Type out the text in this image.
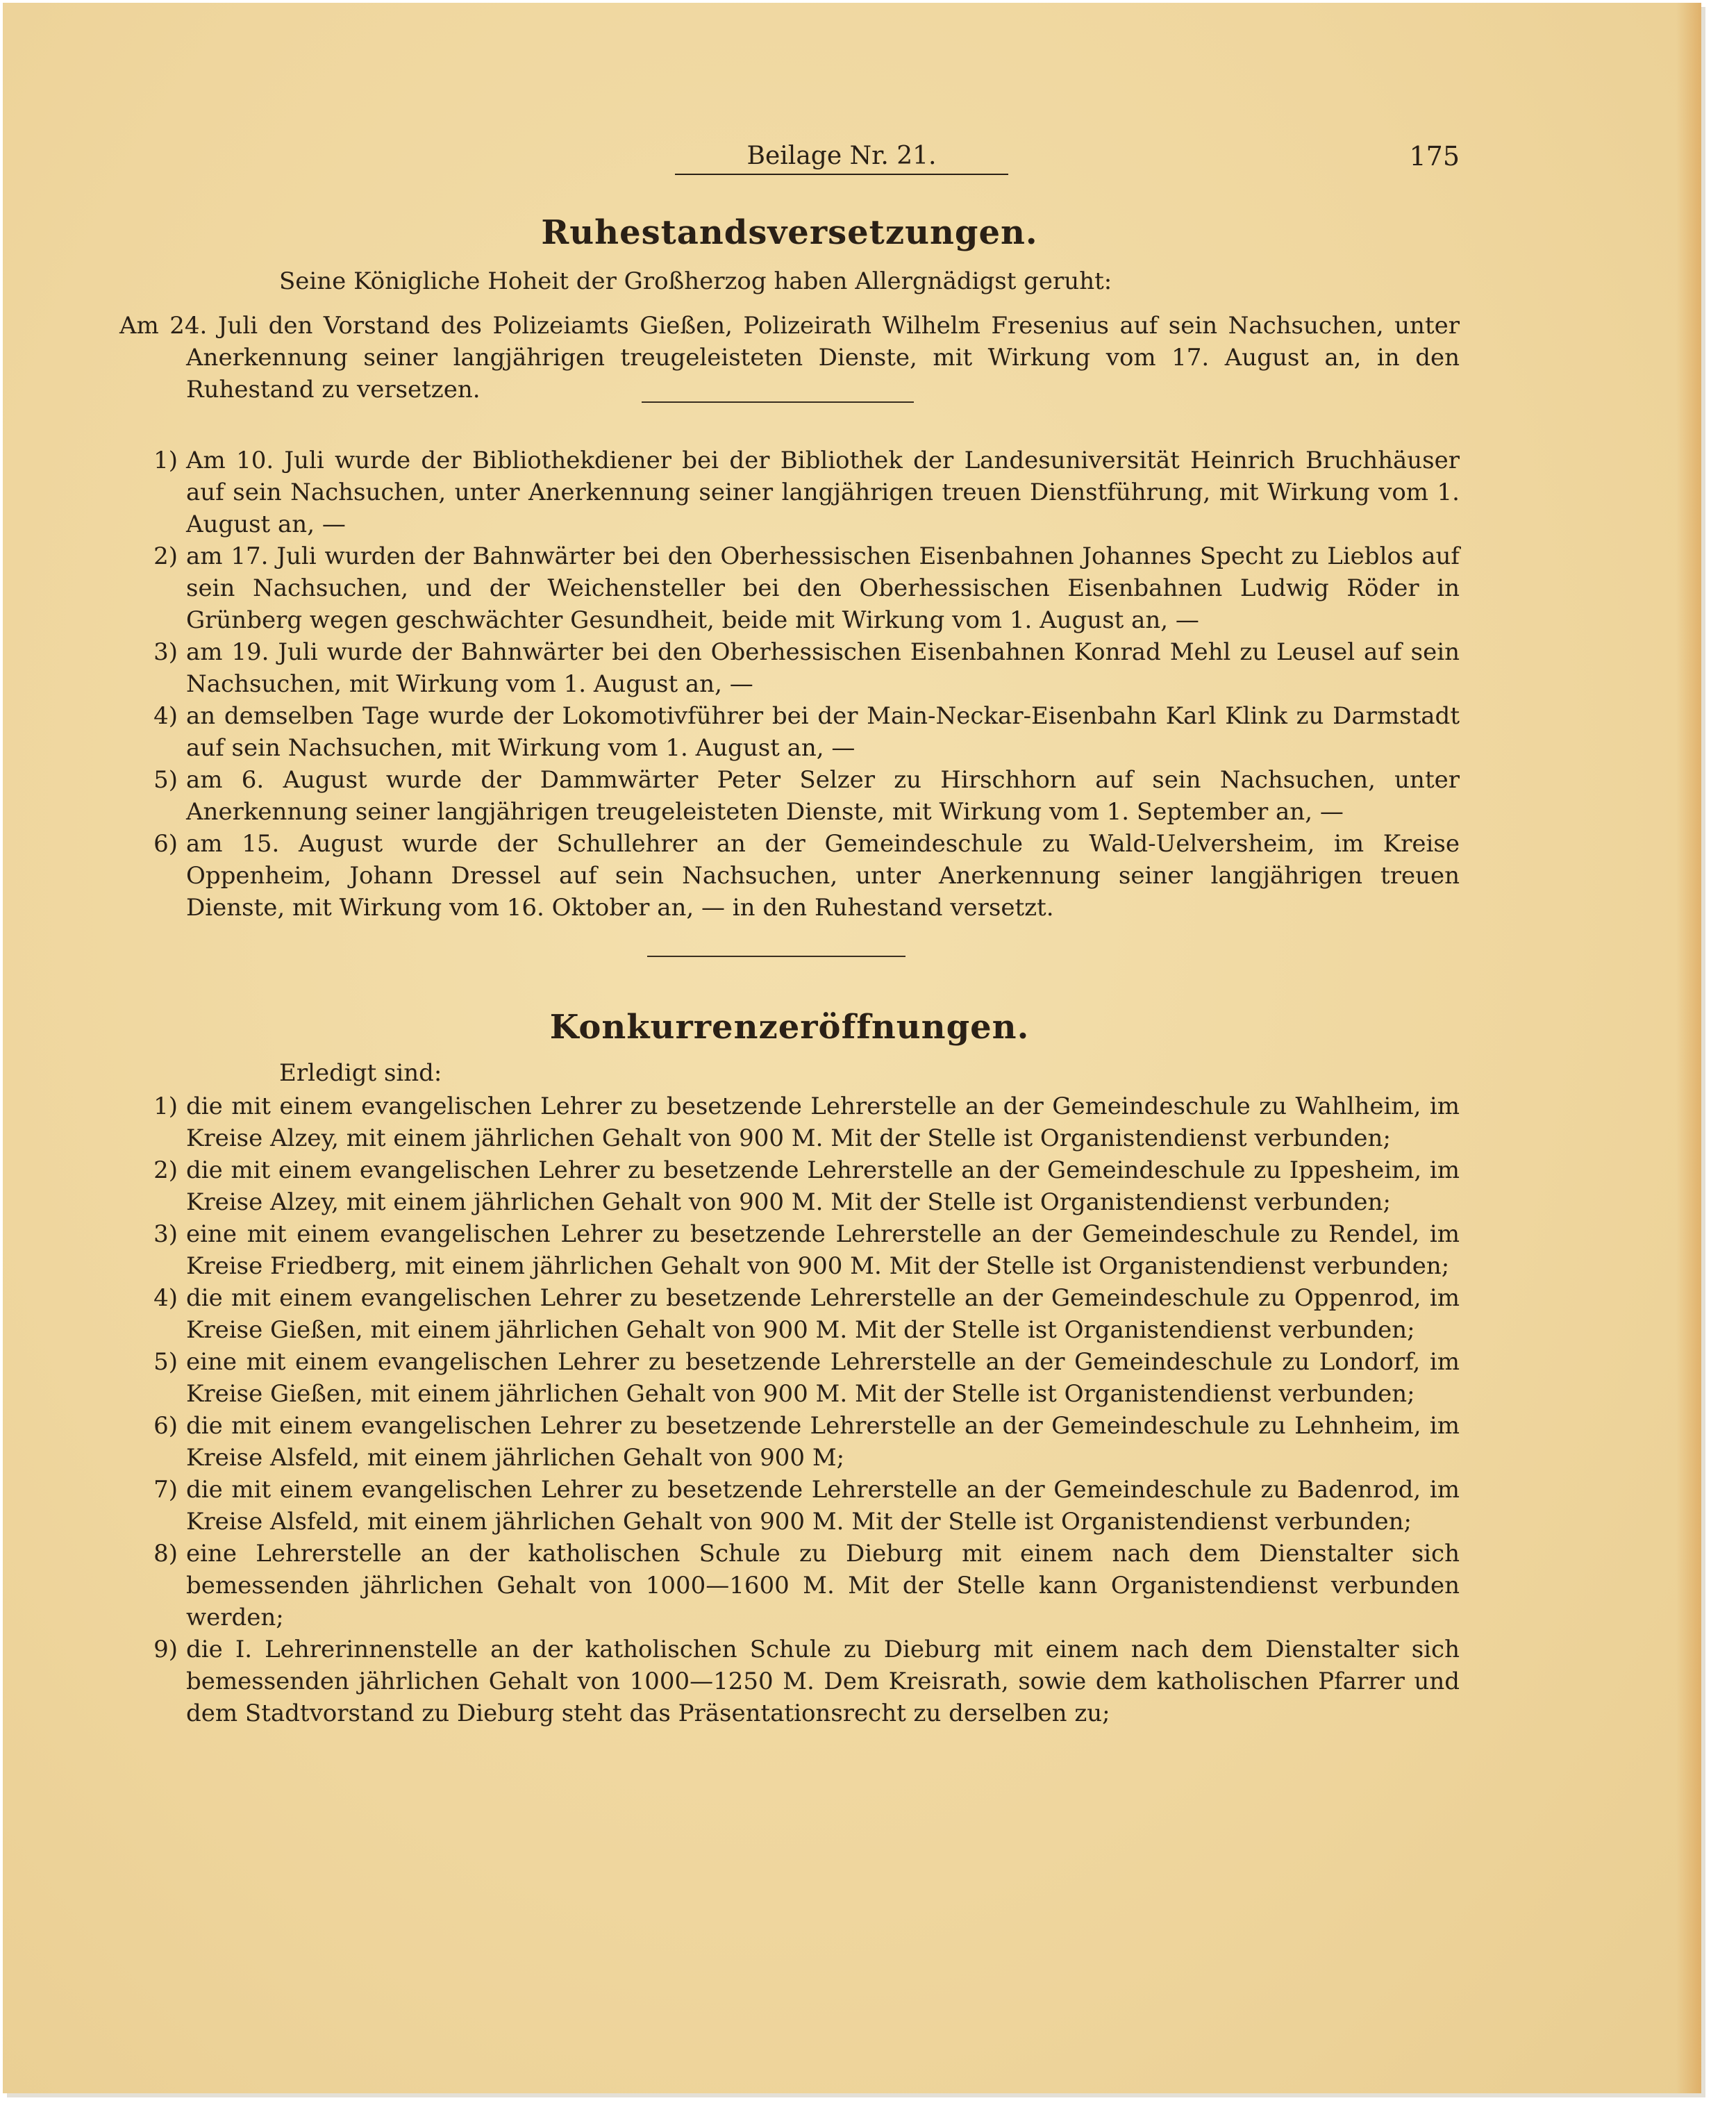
Beilage Nr. 21.	175
Ruhestandsversetzungen.
Seine Königliche Hoheit der Großherzog haben Allergnädigst geruht:
Am 24. Juli den Vorstand des Polizeiamts Gießen, Polizeirath Wilhelm Fresenius auf sein Nachsuchen, unter Anerkennung seiner langjährigen treugeleisteten Dienste, mit Wirkung vom 17. August an, in den Ruhestand zu versetzen.
1) Am 10. Juli wurde der Bibliothekdiener bei der Bibliothek der Landesuniversität Heinrich Bruchhäuser auf sein Nachsuchen, unter Anerkennung seiner langjährigen treuen Dienstführung, mit Wirkung vom 1. August an, —
2) am 17. Juli wurden der Bahnwärter bei den Oberhessischen Eisenbahnen Johannes Specht zu Lieblos auf sein Nachsuchen, und der Weichensteller bei den Oberhessischen Eisenbahnen Ludwig Röder in Grünberg wegen geschwächter Gesundheit, beide mit Wirkung vom 1. August an, —
3) am 19. Juli wurde der Bahnwärter bei den Oberhessischen Eisenbahnen Konrad Mehl zu Leusel auf sein Nachsuchen, mit Wirkung vom 1. August an, —
4) an demselben Tage wurde der Lokomotivführer bei der Main-Neckar-Eisenbahn Karl Klink zu Darmstadt auf sein Nachsuchen, mit Wirkung vom 1. August an, —
5) am 6. August wurde der Dammwärter Peter Selzer zu Hirschhorn auf sein Nachsuchen, unter Anerkennung seiner langjährigen treugeleisteten Dienste, mit Wirkung vom 1. September an, —
6) am 15. August wurde der Schullehrer an der Gemeindeschule zu Wald-Uelversheim, im Kreise Oppenheim, Johann Dressel auf sein Nachsuchen, unter Anerkennung seiner langjährigen treuen Dienste, mit Wirkung vom 16. Oktober an, — in den Ruhestand versetzt.
Konkurrenzeröffnungen.
Erledigt sind:
1) die mit einem evangelischen Lehrer zu besetzende Lehrerstelle an der Gemeindeschule zu Wahlheim, im Kreise Alzey, mit einem jährlichen Gehalt von 900 M. Mit der Stelle ist Organistendienst verbunden;
2) die mit einem evangelischen Lehrer zu besetzende Lehrerstelle an der Gemeindeschule zu Ippesheim, im Kreise Alzey, mit einem jährlichen Gehalt von 900 M. Mit der Stelle ist Organistendienst verbunden;
3) eine mit einem evangelischen Lehrer zu besetzende Lehrerstelle an der Gemeindeschule zu Rendel, im Kreise Friedberg, mit einem jährlichen Gehalt von 900 M. Mit der Stelle ist Organistendienst verbunden;
4) die mit einem evangelischen Lehrer zu besetzende Lehrerstelle an der Gemeindeschule zu Oppenrod, im Kreise Gießen, mit einem jährlichen Gehalt von 900 M. Mit der Stelle ist Organistendienst verbunden;
5) eine mit einem evangelischen Lehrer zu besetzende Lehrerstelle an der Gemeindeschule zu Londorf, im Kreise Gießen, mit einem jährlichen Gehalt von 900 M. Mit der Stelle ist Organistendienst verbunden;
6) die mit einem evangelischen Lehrer zu besetzende Lehrerstelle an der Gemeindeschule zu Lehnheim, im Kreise Alsfeld, mit einem jährlichen Gehalt von 900 M;
7) die mit einem evangelischen Lehrer zu besetzende Lehrerstelle an der Gemeindeschule zu Badenrod, im Kreise Alsfeld, mit einem jährlichen Gehalt von 900 M. Mit der Stelle ist Organistendienst verbunden;
8) eine Lehrerstelle an der katholischen Schule zu Dieburg mit einem nach dem Dienstalter sich bemessenden jährlichen Gehalt von 1000—1600 M. Mit der Stelle kann Organistendienst verbunden werden;
9) die I. Lehrerinnenstelle an der katholischen Schule zu Dieburg mit einem nach dem Dienstalter sich bemessenden jährlichen Gehalt von 1000—1250 M. Dem Kreisrath, sowie dem katholischen Pfarrer und dem Stadtvorstand zu Dieburg steht das Präsentationsrecht zu derselben zu;
